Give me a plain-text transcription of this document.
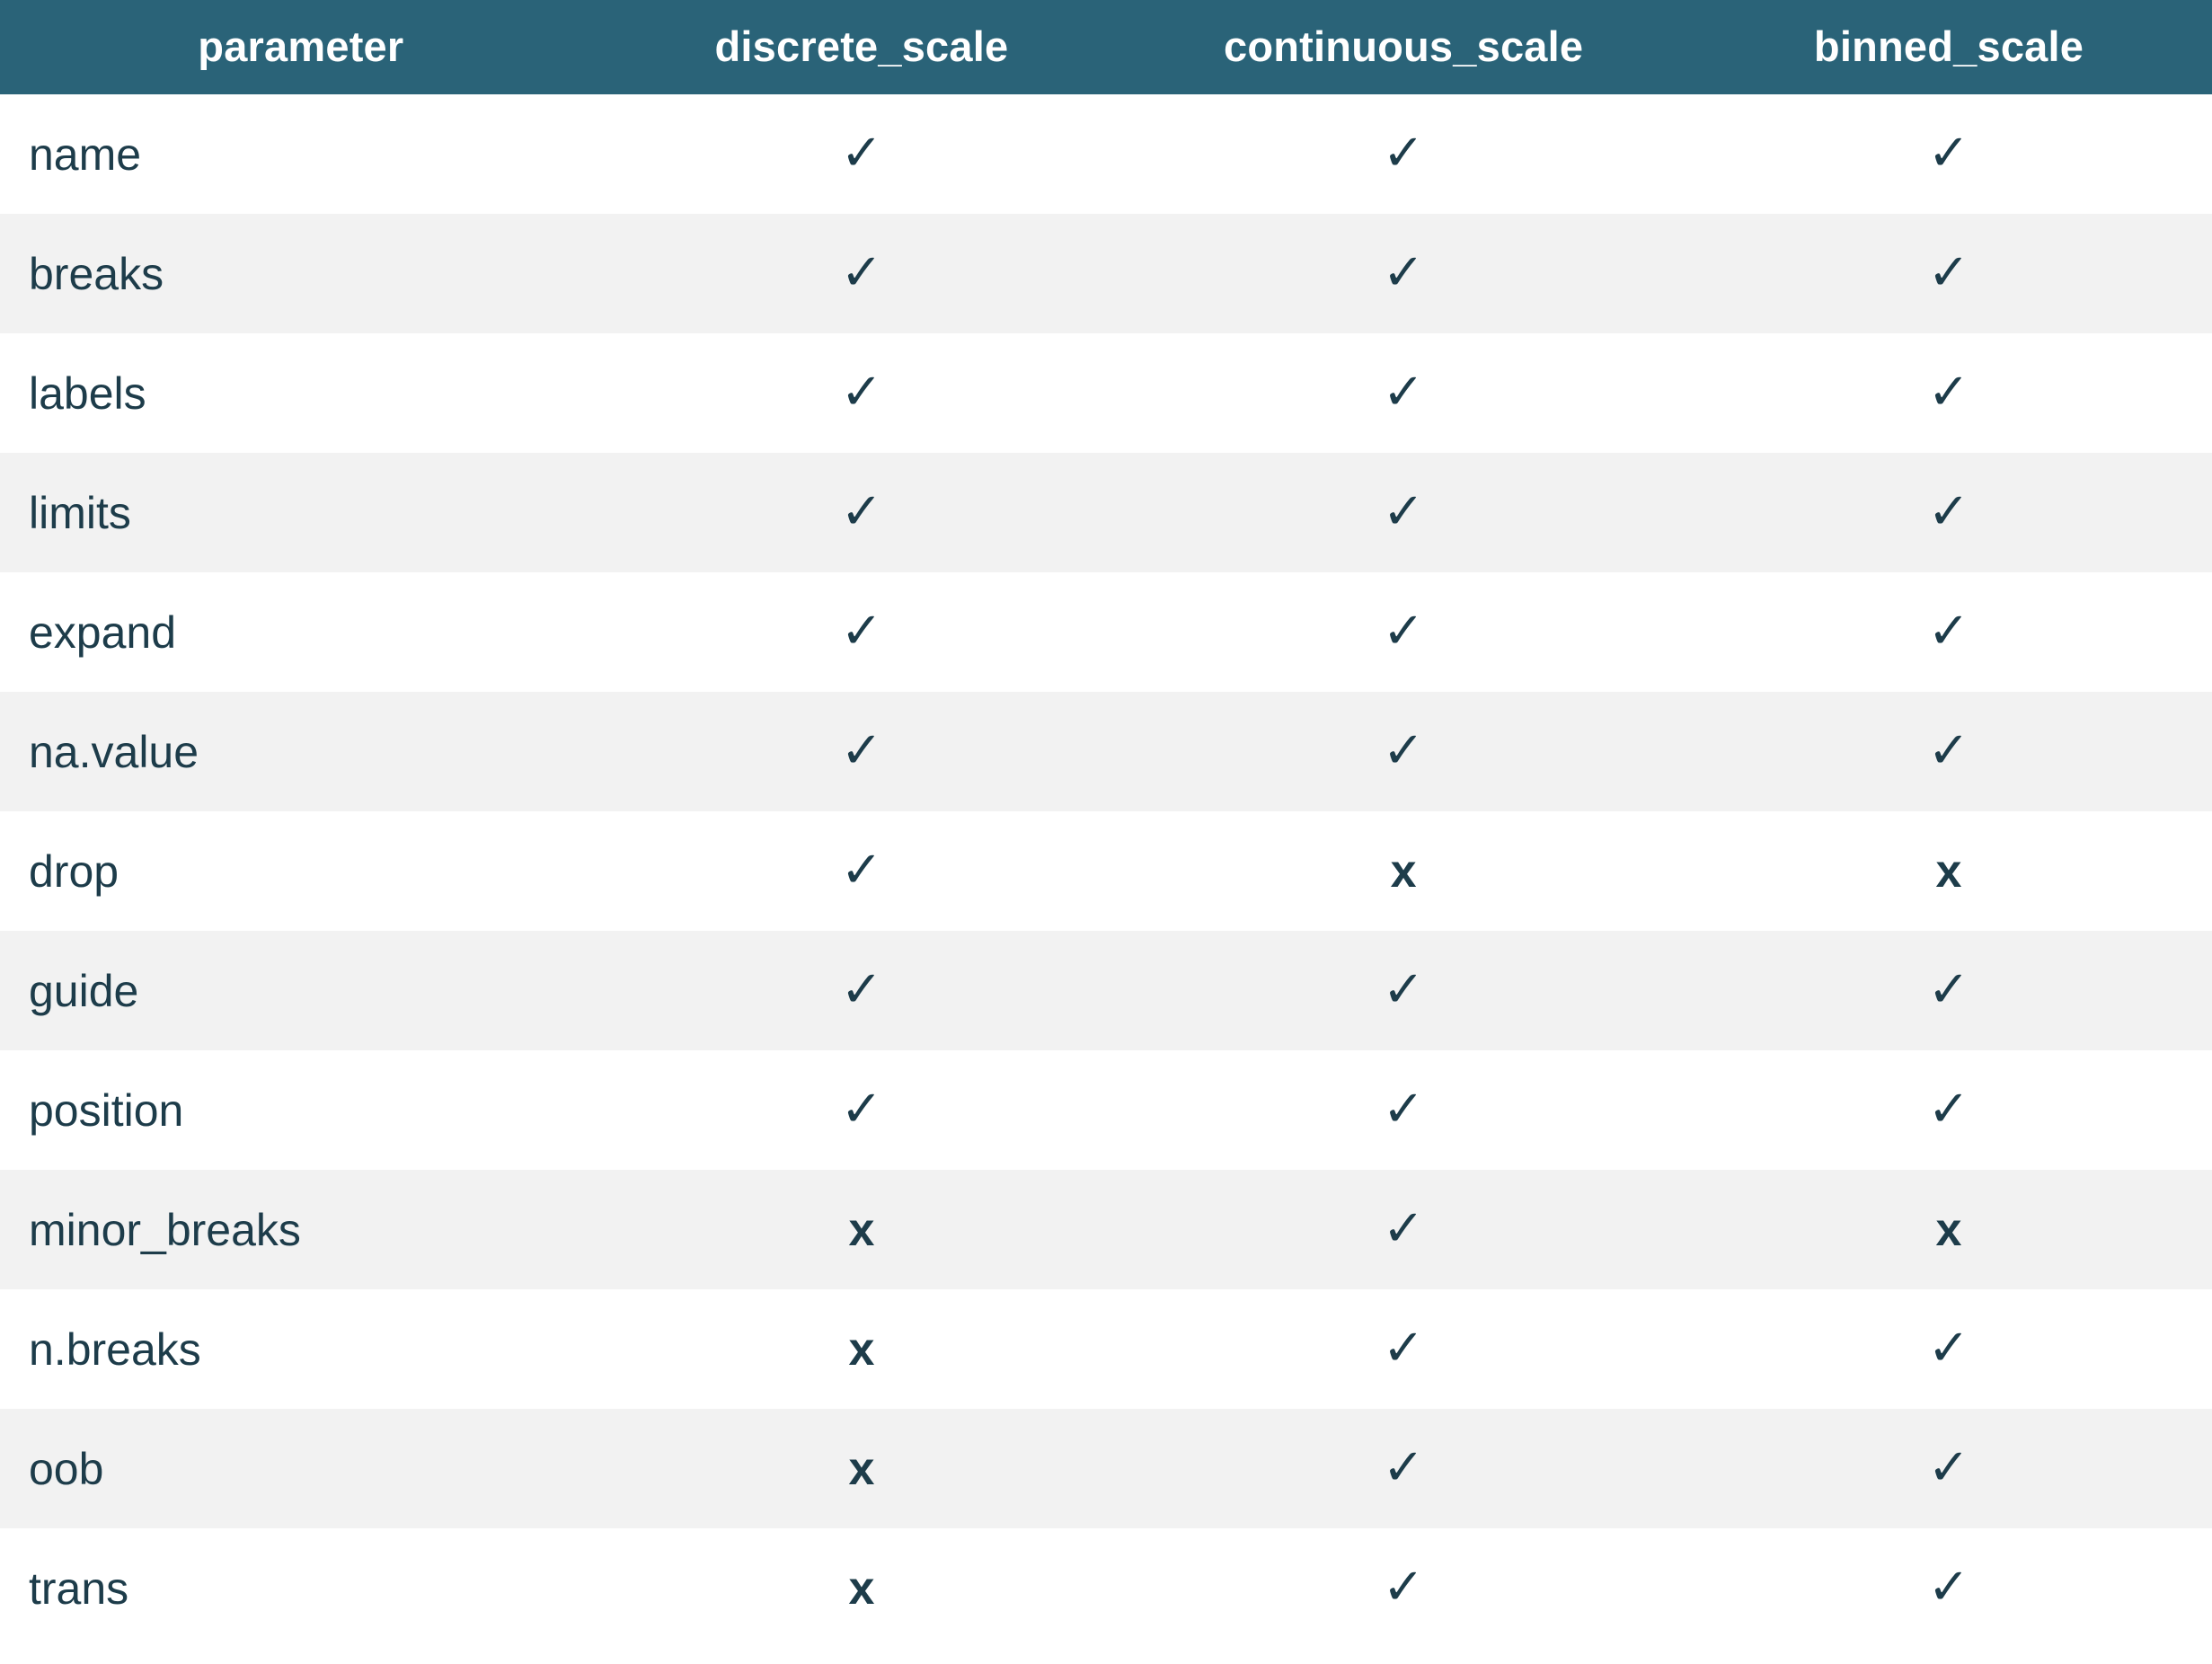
parameter	discrete_scale	continuous_scale	binned_scale
name	✓	✓	✓
breaks	✓	✓	✓
labels	✓	✓	✓
limits	✓	✓	✓
expand	✓	✓	✓
na.value	✓	✓	✓
drop	✓	x	x
guide	✓	✓	✓
position	✓	✓	✓
minor_breaks	x	✓	x
n.breaks	x	✓	✓
oob	x	✓	✓
trans	x	✓	✓
